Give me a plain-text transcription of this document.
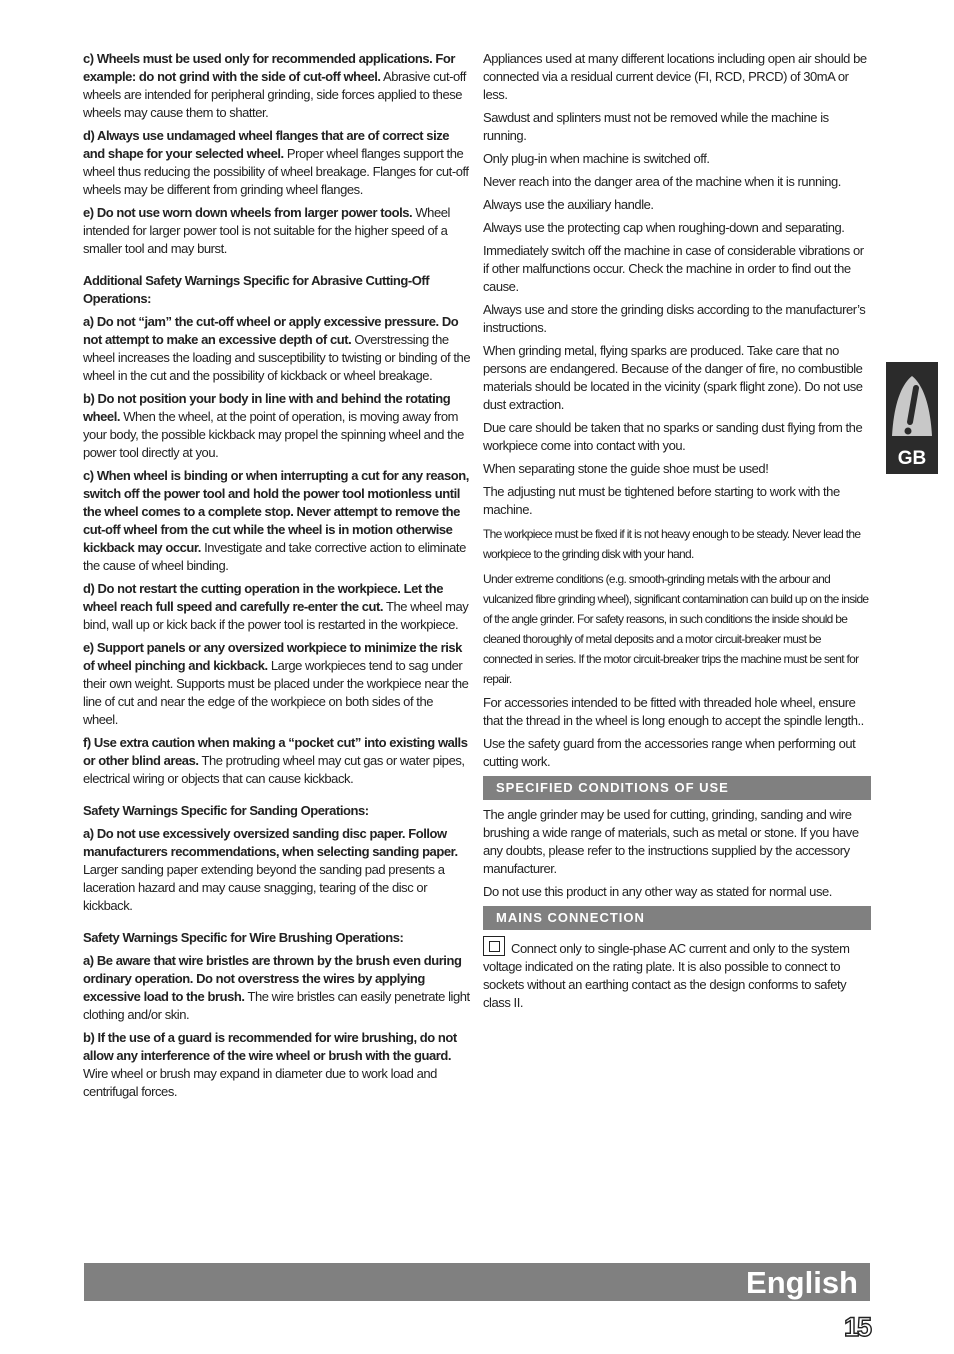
c) Wheels must be used only for recommended applications. For example: do not grind with the side of cut-off wheel. Abrasive cut-off wheels are intended for peripheral grinding, side forces applied to these wheels may cause them to shatter.

d) Always use undamaged wheel flanges that are of correct size and shape for your selected wheel. Proper wheel flanges support the wheel thus reducing the possibility of wheel breakage. Flanges for cut-off wheels may be different from grinding wheel flanges.

e) Do not use worn down wheels from larger power tools. Wheel intended for larger power tool is not suitable for the higher speed of a smaller tool and may burst.

Additional Safety Warnings Specific for Abrasive Cutting-Off Operations:

a) Do not “jam” the cut-off wheel or apply excessive pressure. Do not attempt to make an excessive depth of cut. Overstressing the wheel increases the loading and susceptibility to twisting or binding of the wheel in the cut and the possibility of kickback or wheel breakage.

b) Do not position your body in line with and behind the rotating wheel. When the wheel, at the point of operation, is moving away from your body, the possible kickback may propel the spinning wheel and the power tool directly at you.

c) When wheel is binding or when interrupting a cut for any reason, switch off the power tool and hold the power tool motionless until the wheel comes to a complete stop. Never attempt to remove the cut-off wheel from the cut while the wheel is in motion otherwise kickback may occur. Investigate and take corrective action to eliminate the cause of wheel binding.

d) Do not restart the cutting operation in the workpiece. Let the wheel reach full speed and carefully re-enter the cut. The wheel may bind, wall up or kick back if the power tool is restarted in the workpiece.

e) Support panels or any oversized workpiece to minimize the risk of wheel pinching and kickback. Large workpieces tend to sag under their own weight. Supports must be placed under the workpiece near the line of cut and near the edge of the workpiece on both sides of the wheel.

f) Use extra caution when making a “pocket cut” into existing walls or other blind areas. The protruding wheel may cut gas or water pipes, electrical wiring or objects that can cause kickback.

Safety Warnings Specific for Sanding Operations:

a) Do not use excessively oversized sanding disc paper. Follow manufacturers recommendations, when selecting sanding paper. Larger sanding paper extending beyond the sanding pad presents a laceration hazard and may cause snagging, tearing of the disc or kickback.

Safety Warnings Specific for Wire Brushing Operations:

a) Be aware that wire bristles are thrown by the brush even during ordinary operation. Do not overstress the wires by applying excessive load to the brush. The wire bristles can easily penetrate light clothing and/or skin.

b) If the use of a guard is recommended for wire brushing, do not allow any interference of the wire wheel or brush with the guard. Wire wheel or brush may expand in diameter due to work load and centrifugal forces.

Appliances used at many different locations including open air should be connected via a residual current device (FI, RCD, PRCD) of 30mA or less.

Sawdust and splinters must not be removed while the machine is running.

Only plug-in when machine is switched off.

Never reach into the danger area of the machine when it is running.

Always use the auxiliary handle.

Always use the protecting cap when roughing-down and separating.

Immediately switch off the machine in case of considerable vibrations or if other malfunctions occur. Check the machine in order to find out the cause.

Always use and store the grinding disks according to the manufacturer’s instructions.

When grinding metal, flying sparks are produced. Take care that no persons are endangered. Because of the danger of fire, no combustible materials should be located in the vicinity (spark flight zone). Do not use dust extraction.

Due care should be taken that no sparks or sanding dust flying from the workpiece come into contact with you.

When separating stone the guide shoe must be used!

The adjusting nut must be tightened before starting to work with the machine.

The workpiece must be fixed if it is not heavy enough to be steady. Never lead the workpiece to the grinding disk with your hand.

Under extreme conditions (e.g. smooth-grinding metals with the arbour and vulcanized fibre grinding wheel), significant contamination can build up on the inside of the angle grinder. For safety reasons, in such conditions the inside should be cleaned thoroughly of metal deposits and a motor circuit-breaker must be connected in series. If the motor circuit-breaker trips the machine must be sent for repair.

For accessories intended to be fitted with threaded hole wheel, ensure that the thread in the wheel is long enough to accept the spindle length..

Use the safety guard from the accessories range when performing out cutting work.

SPECIFIED CONDITIONS OF USE

The angle grinder may be used for cutting, grinding, sanding and wire brushing a wide range of materials, such as metal or stone. If you have any doubts, please refer to the instructions supplied by the accessory manufacturer.

Do not use this product in any other way as stated for normal use.

MAINS CONNECTION

Connect only to single-phase AC current and only to the system voltage indicated on the rating plate. It is also possible to connect to sockets without an earthing contact as the design conforms to safety class II.

GB
English
15
